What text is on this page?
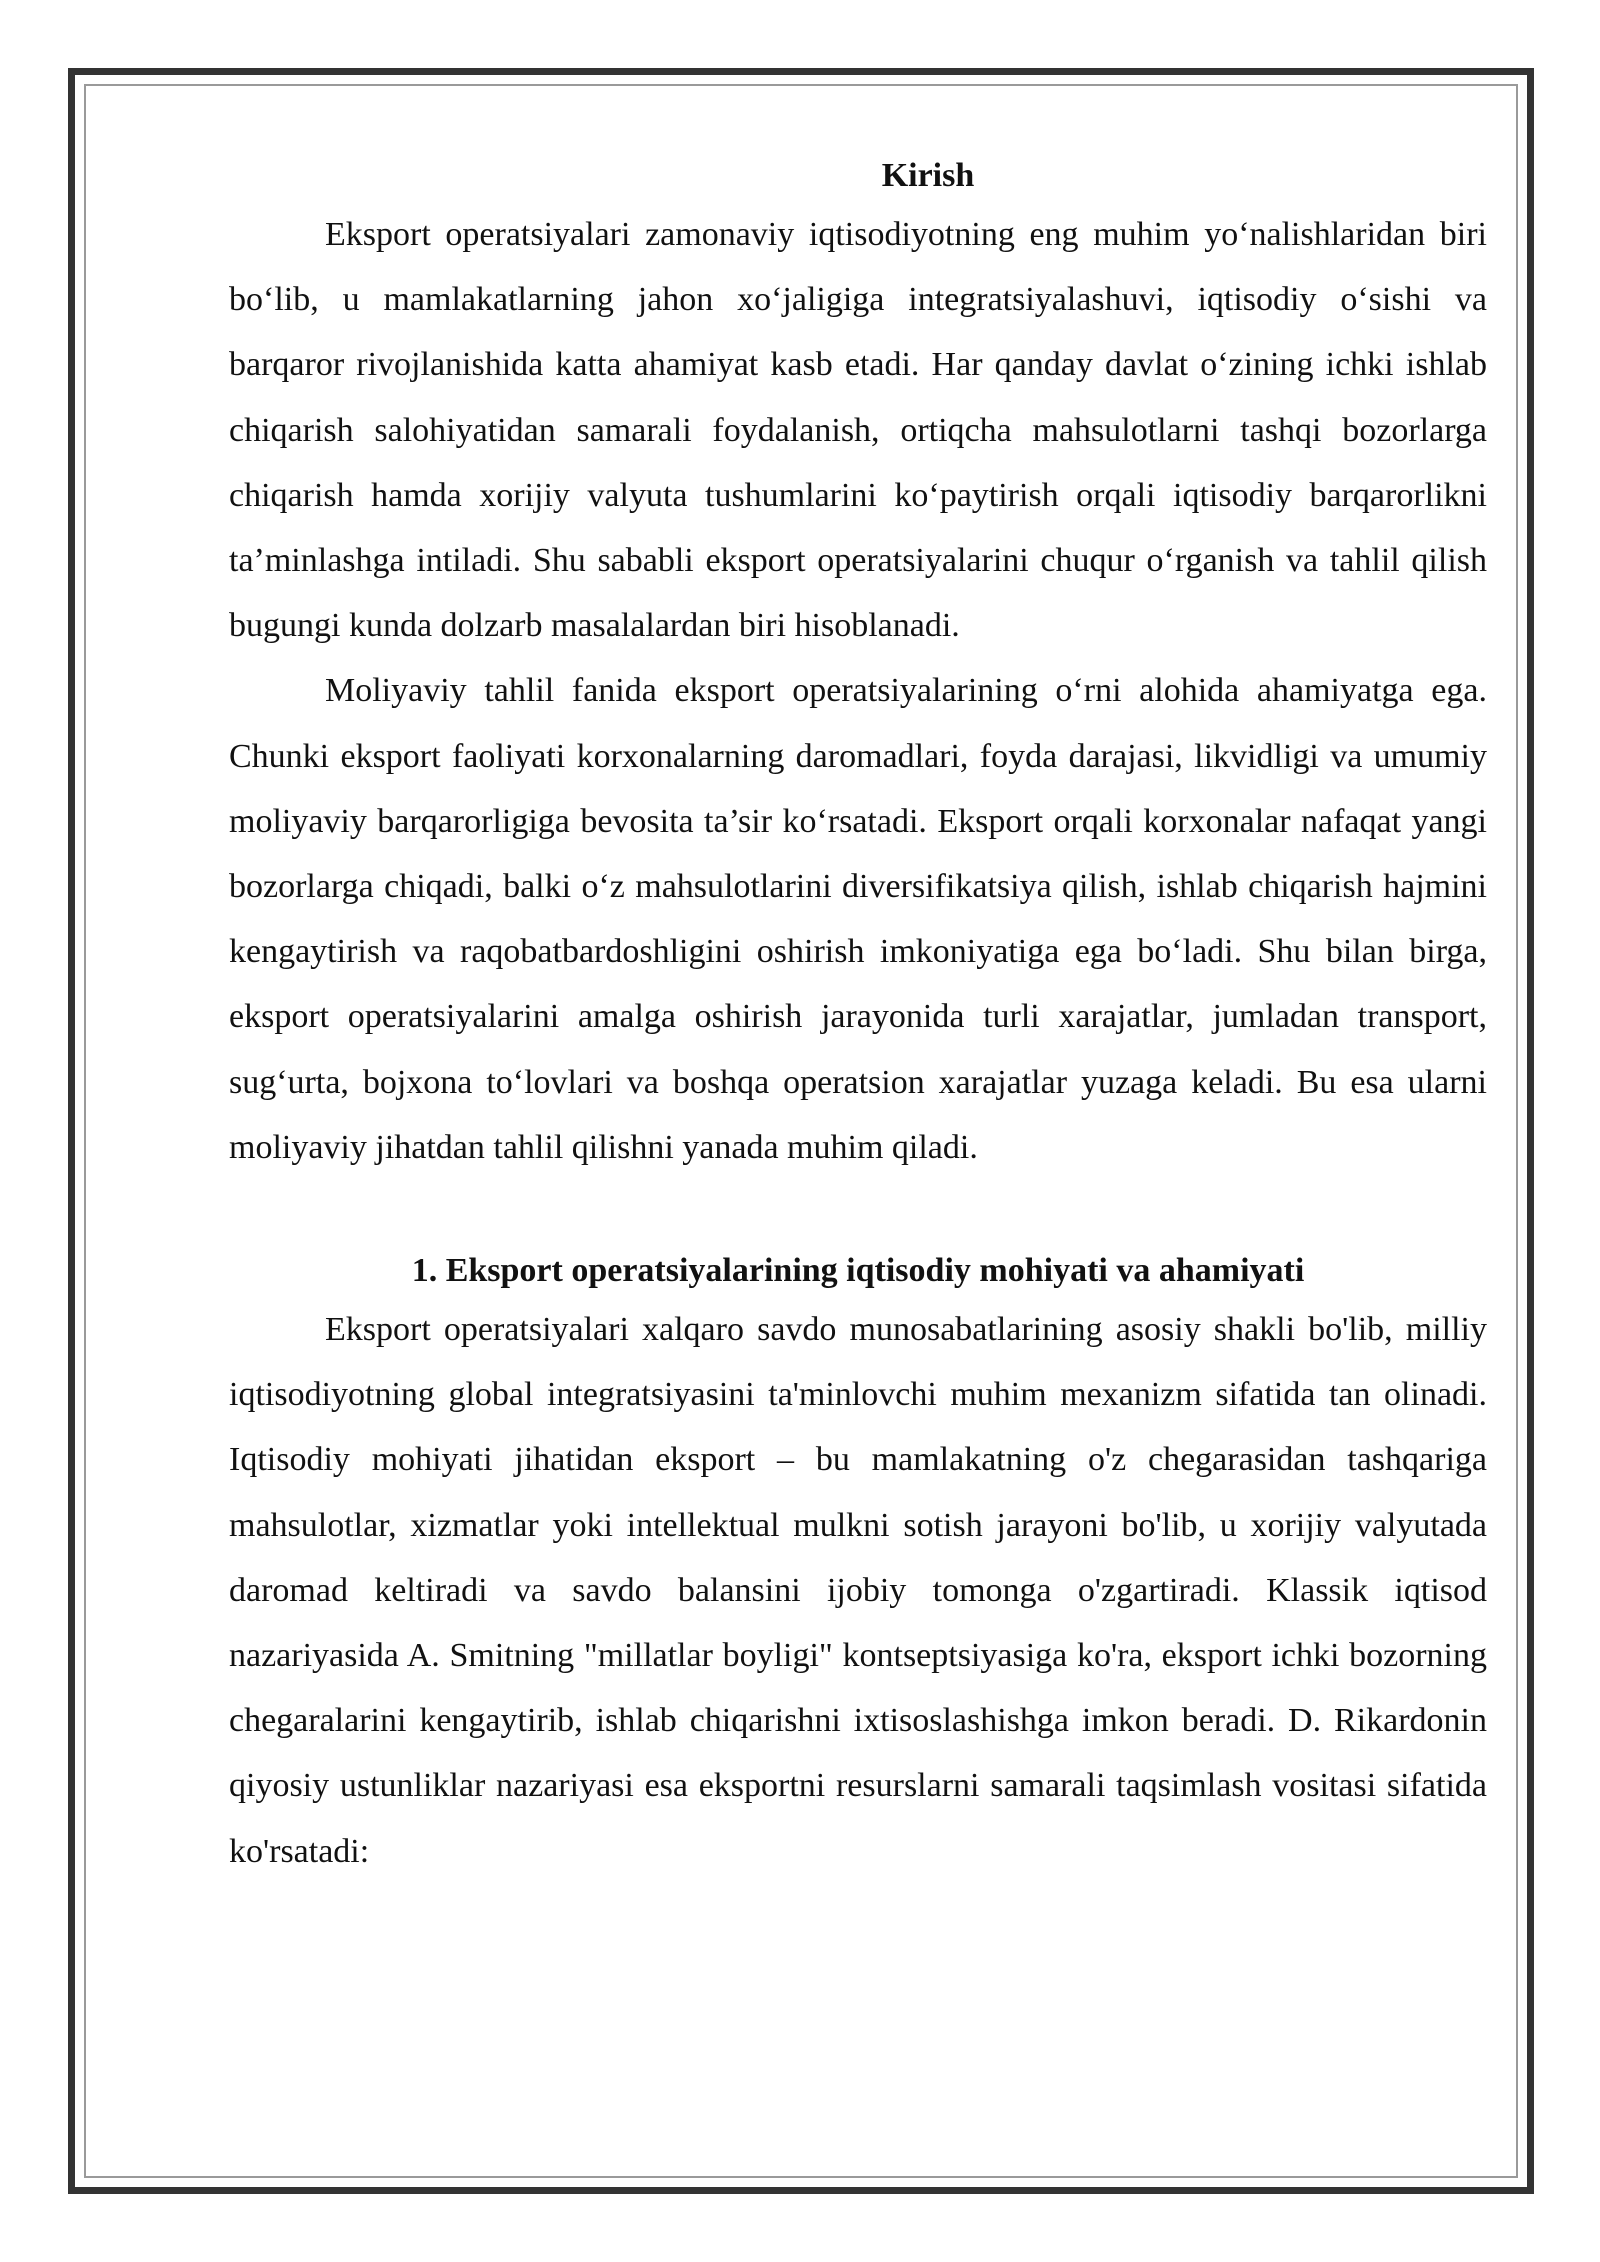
Kirish

Eksport operatsiyalari zamonaviy iqtisodiyotning eng muhim yo‘nalishlaridan biri bo‘lib, u mamlakatlarning jahon xo‘jaligiga integratsiyalashuvi, iqtisodiy o‘sishi va barqaror rivojlanishida katta ahamiyat kasb etadi. Har qanday davlat o‘zining ichki ishlab chiqarish salohiyatidan samarali foydalanish, ortiqcha mahsulotlarni tashqi bozorlarga chiqarish hamda xorijiy valyuta tushumlarini ko‘paytirish orqali iqtisodiy barqarorlikni ta’minlashga intiladi. Shu sababli eksport operatsiyalarini chuqur o‘rganish va tahlil qilish bugungi kunda dolzarb masalalardan biri hisoblanadi.

Moliyaviy tahlil fanida eksport operatsiyalarining o‘rni alohida ahamiyatga ega. Chunki eksport faoliyati korxonalarning daromadlari, foyda darajasi, likvidligi va umumiy moliyaviy barqarorligiga bevosita ta’sir ko‘rsatadi. Eksport orqali korxonalar nafaqat yangi bozorlarga chiqadi, balki o‘z mahsulotlarini diversifikatsiya qilish, ishlab chiqarish hajmini kengaytirish va raqobatbardoshligini oshirish imkoniyatiga ega bo‘ladi. Shu bilan birga, eksport operatsiyalarini amalga oshirish jarayonida turli xarajatlar, jumladan transport, sug‘urta, bojxona to‘lovlari va boshqa operatsion xarajatlar yuzaga keladi. Bu esa ularni moliyaviy jihatdan tahlil qilishni yanada muhim qiladi.

1. Eksport operatsiyalarining iqtisodiy mohiyati va ahamiyati

Eksport operatsiyalari xalqaro savdo munosabatlarining asosiy shakli bo'lib, milliy iqtisodiyotning global integratsiyasini ta'minlovchi muhim mexanizm sifatida tan olinadi. Iqtisodiy mohiyati jihatidan eksport – bu mamlakatning o'z chegarasidan tashqariga mahsulotlar, xizmatlar yoki intellektual mulkni sotish jarayoni bo'lib, u xorijiy valyutada daromad keltiradi va savdo balansini ijobiy tomonga o'zgartiradi. Klassik iqtisod nazariyasida A. Smitning "millatlar boyligi" kontseptsiyasiga ko'ra, eksport ichki bozorning chegaralarini kengaytirib, ishlab chiqarishni ixtisoslashishga imkon beradi. D. Rikardonin qiyosiy ustunliklar nazariyasi esa eksportni resurslarni samarali taqsimlash vositasi sifatida ko'rsatadi:
